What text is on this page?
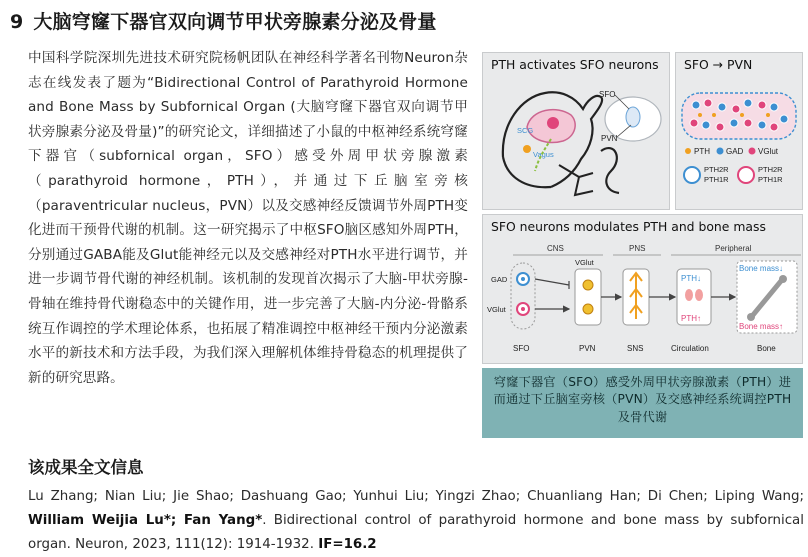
9 大脑穹窿下器官双向调节甲状旁腺素分泌及骨量

中国科学院深圳先进技术研究院杨帆团队在神经科学著名刊物Neuron杂志在线发表了题为“Bidirectional Control of Parathyroid Hormone and Bone Mass by Subfornical Organ (大脑穹窿下器官双向调节甲状旁腺素分泌及骨量)”的研究论文，详细描述了小鼠的中枢神经系统穹窿下器官（subfornical organ，SFO）感受外周甲状旁腺激素（parathyroid hormone，PTH），并通过下丘脑室旁核（paraventricular nucleus，PVN）以及交感神经反馈调节外周PTH变化进而干预骨代谢的机制。这一研究揭示了中枢SFO脑区感知外周PTH，分别通过GABA能及Glut能神经元以及交感神经对PTH水平进行调节，并进一步调节骨代谢的神经机制。该机制的发现首次揭示了大脑-甲状旁腺-骨轴在维持骨代谢稳态中的关键作用，进一步完善了大脑-内分泌-骨骼系统互作调控的学术理论体系，也拓展了精准调控中枢神经干预内分泌激素水平的新技术和方法手段，为我们深入理解机体维持骨稳态的机理提供了新的研究思路。

PTH activates SFO neurons
SCG
Vagus
SFO
PVN
SFO → PVN
PTH GAD VGlut
PTH2R
PTH1R
PTH2R
PTH1R
SFO neurons modulates PTH and bone mass
CNS	PNS	Peripheral
GAD
VGlut
VGlut
PTH↓
PTH↑
Bone mass↓
Bone mass↑
SFO	PVN	SNS	Circulation	Bone
穹窿下器官（SFO）感受外周甲状旁腺激素（PTH）进而通过下丘脑室旁核（PVN）及交感神经系统调控PTH及骨代谢
该成果全文信息

Lu Zhang; Nian Liu; Jie Shao; Dashuang Gao; Yunhui Liu; Yingzi Zhao; Chuanliang Han; Di Chen; Liping Wang; William Weijia Lu*; Fan Yang*. Bidirectional control of parathyroid hormone and bone mass by subfornical organ. Neuron, 2023, 111(12): 1914-1932. IF=16.2
